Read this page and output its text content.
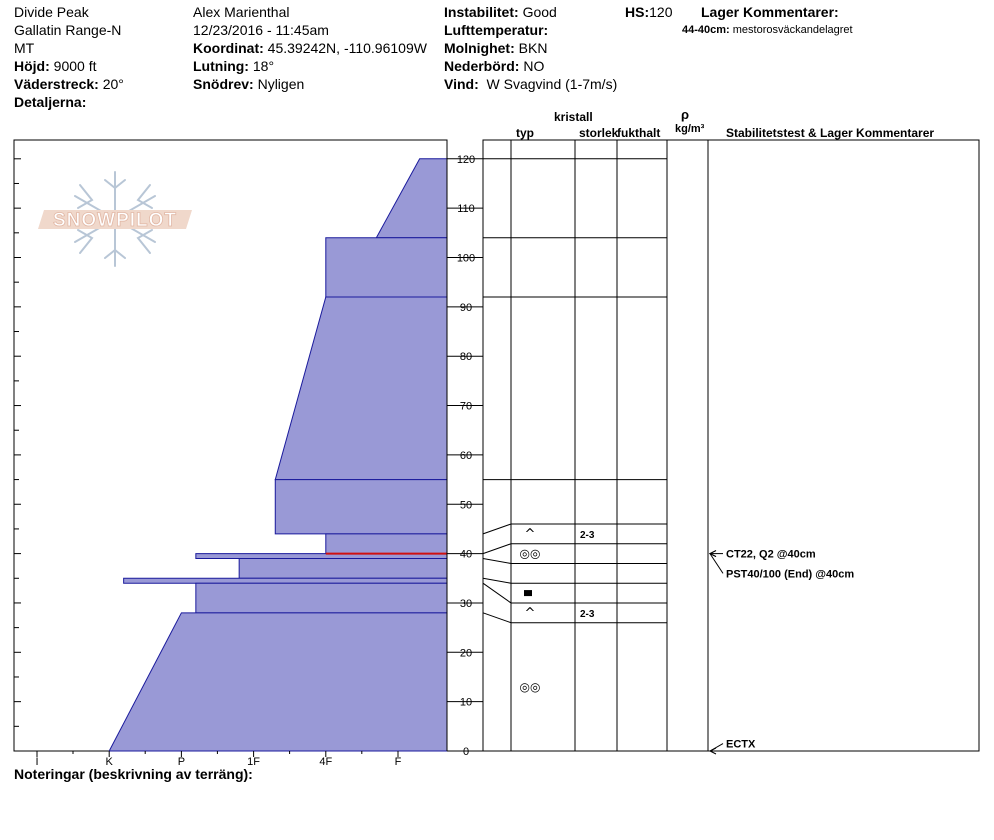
SNOWPILOT
0
10
20
30
40
50
60
70
80
90
100
110
120
I	K	P	1F	4F	F
^	2-3
◎◎
^	2-3
◎◎
CT22, Q2 @40cm
PST40/100 (End) @40cm
ECTX
Divide Peak
Gallatin Range-N
MT
Höjd: 9000 ft
Väderstreck: 20°
Detaljerna:
Alex Marienthal
12/23/2016 - 11:45am
Koordinat: 45.39242N, -110.96109W
Lutning: 18°
Snödrev: Nyligen
Instabilitet: Good
Lufttemperatur:
Molnighet: BKN
Nederbörd: NO
Vind: W Svagvind (1-7m/s)
HS:120 Lager Kommentarer:
44-40cm: mestorosväckandelagret
kristall
typ	storlek
fukthalt
ρ
kg/m³ Stabilitetstest & Lager Kommentarer
Noteringar (beskrivning av terräng):
